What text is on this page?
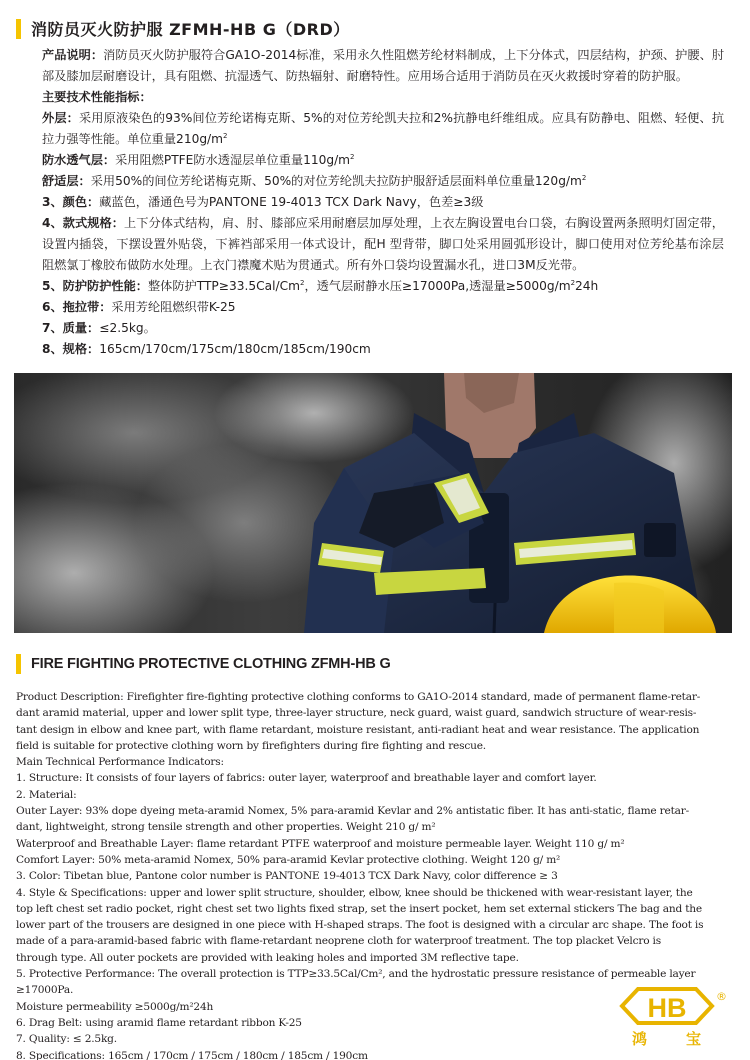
消防员灭火防护服 ZFMH-HB G（DRD）

产品说明：消防员灭火防护服符合GA1O-2014标准，采用永久性阻燃芳纶材料制成，上下分体式，四层结构，护颈、护腰、肘部及膝加层耐磨设计，具有阻燃、抗湿透气、防热辐射、耐磨特性。应用场合适用于消防员在灭火救援时穿着的防护服。

主要技术性能指标：

外层：采用原液染色的93%间位芳纶诺梅克斯、5%的对位芳纶凯夫拉和2%抗静电纤维组成。应具有防静电、阻燃、轻便、抗拉力强等性能。单位重量$210g/m^2$

防水透气层：采用阻燃PTFE防水透湿层单位重量$110g/m^2$

舒适层：采用50%的间位芳纶诺梅克斯、50%的对位芳纶凯夫拉防护服舒适层面料单位重量$120g/m^2$

3、颜色：藏蓝色，潘通色号为PANTONE 19-4013 TCX Dark Navy，色差≥3级

4、款式规格：上下分体式结构，肩、肘、膝部应采用耐磨层加厚处理，上衣左胸设置电台口袋，右胸设置两条照明灯固定带，设置内插袋，下摆设置外贴袋，下裤裆部采用一体式设计，配H 型背带，脚口处采用圆弧形设计，脚口使用对位芳纶基布涂层阻燃氯丁橡胶布做防水处理。上衣门襟魔术贴为贯通式。所有外口袋均设置漏水孔，进口3M反光带。

5、防护防护性能：整体防护$TTP\ge 33.5Cal/Cm^2$，透气层耐静水压≥17000Pa,透湿量$\ge 5000g/m^224h$

6、拖拉带：采用芳纶阻燃织带K-25

7、质量：≤2.5kg。

8、规格：165cm/170cm/175cm/180cm/185cm/190cm

FIRE FIGHTING PROTECTIVE CLOTHING ZFMH-HB G

Product Description: Firefighter fire-fighting protective clothing conforms to GA1O-2014 standard, made of permanent flame-retar-

dant aramid material, upper and lower split type, three-layer structure, neck guard, waist guard, sandwich structure of wear-resis-

tant design in elbow and knee part, with flame retardant, moisture resistant, anti-radiant heat and wear resistance. The application

field is suitable for protective clothing worn by firefighters during fire fighting and rescue.

Main Technical Performance Indicators:

1. Structure: It consists of four layers of fabrics: outer layer, waterproof and breathable layer and comfort layer.

2. Material:

Outer Layer: 93% dope dyeing meta-aramid Nomex, 5% para-aramid Kevlar and 2% antistatic fiber. It has anti-static, flame retar-

dant, lightweight, strong tensile strength and other properties. Weight 210 g/ m²

Waterproof and Breathable Layer: flame retardant PTFE waterproof and moisture permeable layer. Weight 110 g/ m²

Comfort Layer: 50% meta-aramid Nomex, 50% para-aramid Kevlar protective clothing. Weight 120 g/ m²

3. Color: Tibetan blue, Pantone color number is PANTONE 19-4013 TCX Dark Navy, color difference ≥ 3

4. Style & Specifications: upper and lower split structure, shoulder, elbow, knee should be thickened with wear-resistant layer, the

top left chest set radio pocket, right chest set two lights fixed strap, set the insert pocket, hem set external stickers The bag and the

lower part of the trousers are designed in one piece with H-shaped straps. The foot is designed with a circular arc shape. The foot is

made of a para-aramid-based fabric with flame-retardant neoprene cloth for waterproof treatment. The top placket Velcro is

through type. All outer pockets are provided with leaking holes and imported 3M reflective tape.

5. Protective Performance: The overall protection is TTP≥33.5Cal/Cm², and the hydrostatic pressure resistance of permeable layer

≥17000Pa.

Moisture permeability ≥5000g/m²24h

6. Drag Belt: using aramid flame retardant ribbon K-25

7. Quality: ≤ 2.5kg.

8. Specifications: 165cm / 170cm / 175cm / 180cm / 185cm / 190cm

HB	®
鸿	宝
